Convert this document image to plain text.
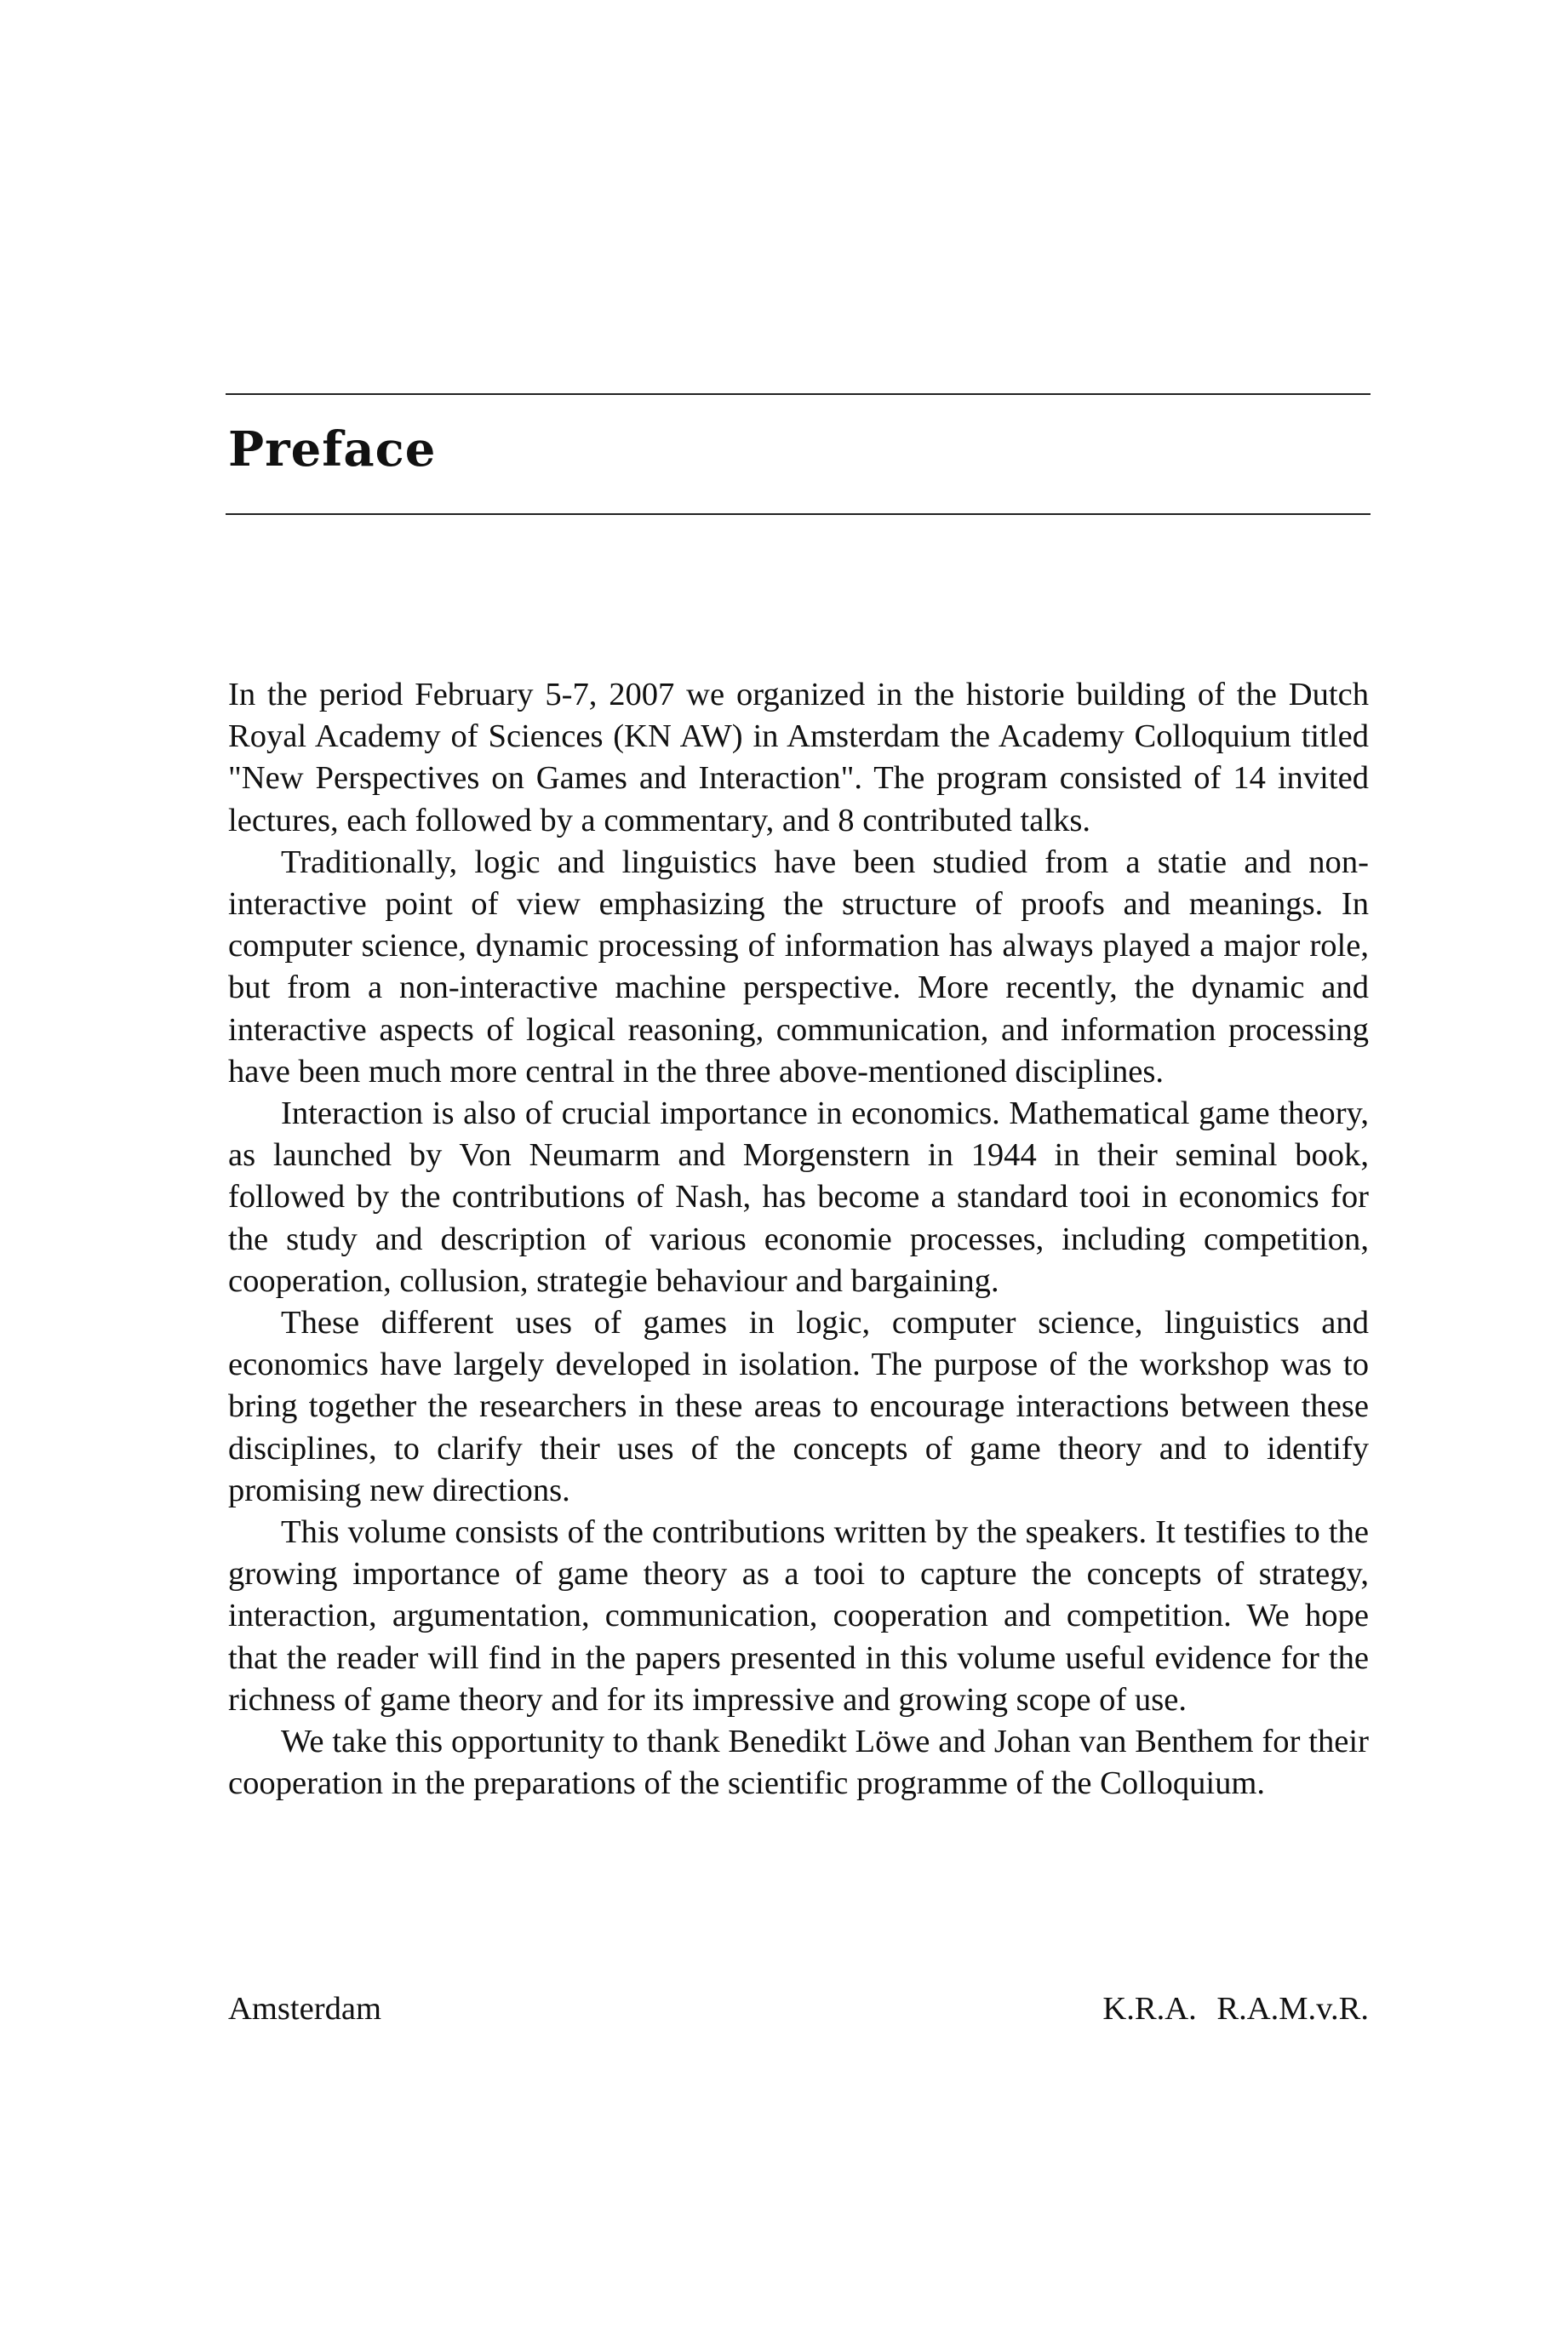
Preface

In the period February 5-7, 2007 we organized in the historie building of the Dutch Royal Academy of Sciences (KN AW) in Amsterdam the Academy Colloquium titled "New Perspectives on Games and Interaction". The program consisted of 14 invited lectures, each followed by a commentary, and 8 contributed talks.

Traditionally, logic and linguistics have been studied from a statie and non-interactive point of view emphasizing the structure of proofs and meanings. In computer science, dynamic processing of information has always played a major role, but from a non-interactive machine perspective. More recently, the dynamic and interactive aspects of logical reasoning, communication, and information processing have been much more central in the three above-mentioned disciplines.

Interaction is also of crucial importance in economics. Mathematical game theory, as launched by Von Neumarm and Morgenstern in 1944 in their seminal book, followed by the contributions of Nash, has become a standard tooi in economics for the study and description of various economie processes, including competition, cooperation, collusion, strategie behaviour and bargaining.

These different uses of games in logic, computer science, linguistics and economics have largely developed in isolation. The purpose of the workshop was to bring together the researchers in these areas to encourage interactions between these disciplines, to clarify their uses of the concepts of game theory and to identify promising new directions.

This volume consists of the contributions written by the speakers. It testifies to the growing importance of game theory as a tooi to capture the concepts of strategy, interaction, argumentation, communication, cooperation and competition. We hope that the reader will find in the papers presented in this volume useful evidence for the richness of game theory and for its impressive and growing scope of use.

We take this opportunity to thank Benedikt Löwe and Johan van Benthem for their cooperation in the preparations of the scientific programme of the Colloquium.

Amsterdam	K.R.A. R.A.M.v.R.
